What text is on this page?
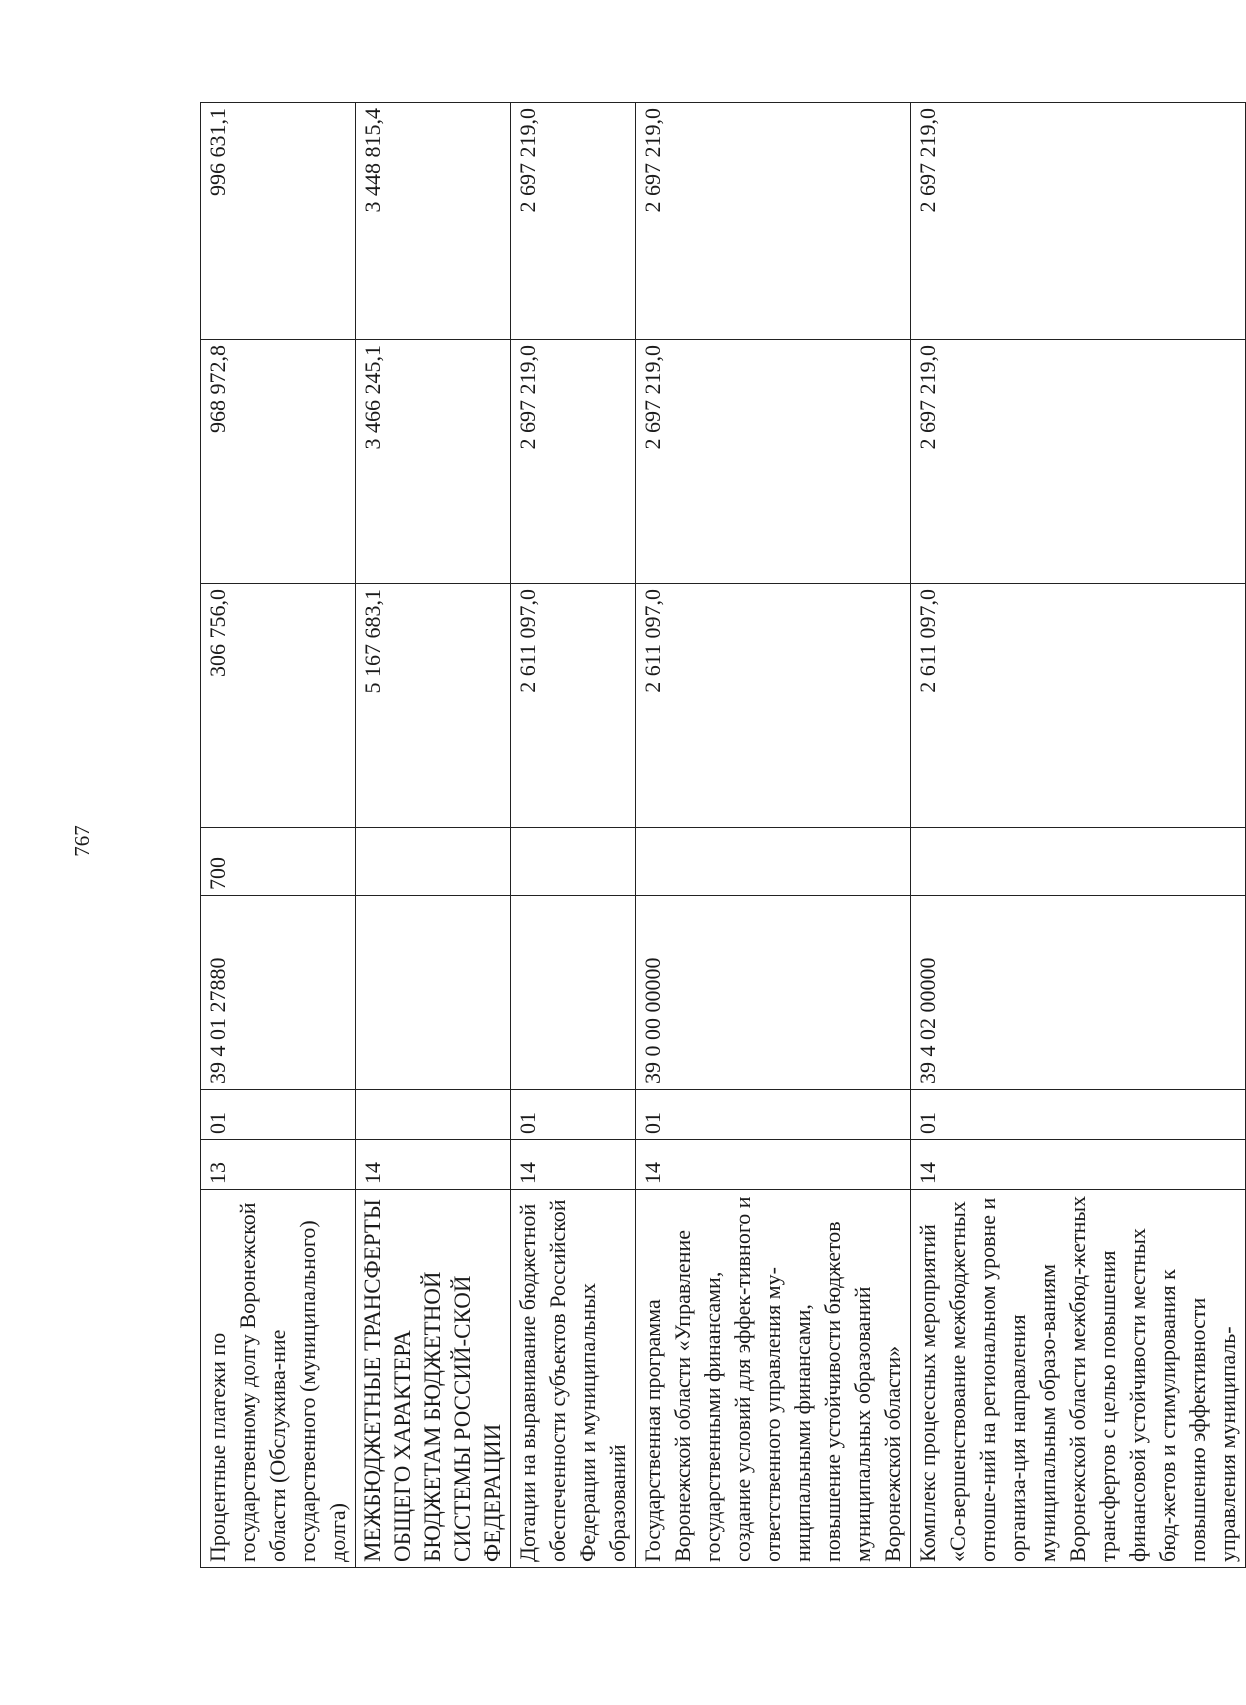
767
Процентные платежи по государственному долгу Воронежской области (Обслужива-ние государственного (муниципального) долга)	13	01	39 4 01 27880	700	306 756,0	968 972,8	996 631,1
МЕЖБЮДЖЕТНЫЕ ТРАНСФЕРТЫ ОБЩЕГО ХАРАКТЕРА БЮДЖЕТАМ БЮДЖЕТНОЙ СИСТЕМЫ РОССИЙ-СКОЙ ФЕДЕРАЦИИ	14				5 167 683,1	3 466 245,1	3 448 815,4
Дотации на выравнивание бюджетной обеспеченности субъектов Российской Федерации и муниципальных образований	14	01			2 611 097,0	2 697 219,0	2 697 219,0
Государственная программа Воронежской области «Управление государственными финансами, создание условий для эффек-тивного и ответственного управления му-ниципальными финансами, повышение устойчивости бюджетов муниципальных образований Воронежской области»	14	01	39 0 00 00000		2 611 097,0	2 697 219,0	2 697 219,0
Комплекс процессных мероприятий «Со-вершенствование межбюджетных отноше-ний на региональном уровне и организа-ция направления муниципальным образо-ваниям Воронежской области межбюд-жетных трансфертов с целью повышения финансовой устойчивости местных бюд-жетов и стимулирования к повышению эффективности управления муниципаль-	14	01	39 4 02 00000		2 611 097,0	2 697 219,0	2 697 219,0
